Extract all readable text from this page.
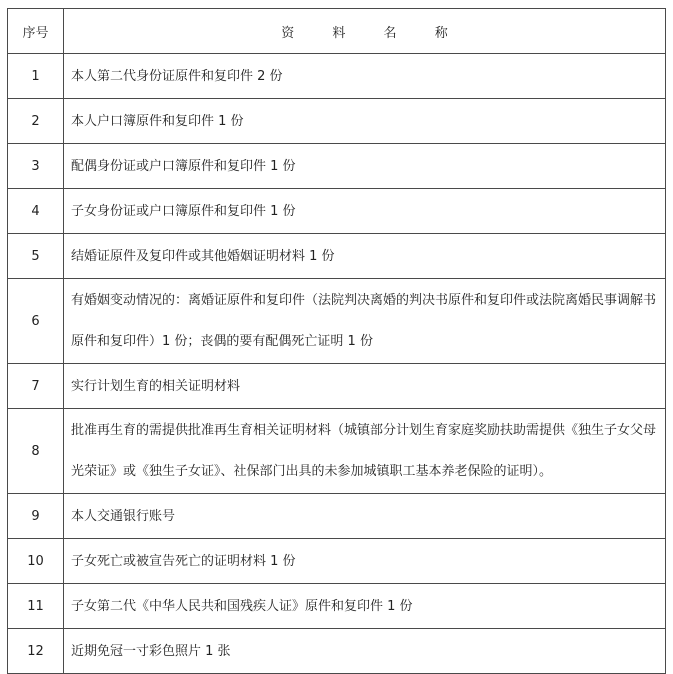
序号	资 料 名 称
1	本人第二代身份证原件和复印件 2 份
2	本人户口簿原件和复印件 1 份
3	配偶身份证或户口簿原件和复印件 1 份
4	子女身份证或户口簿原件和复印件 1 份
5	结婚证原件及复印件或其他婚姻证明材料 1 份
6	有婚姻变动情况的：离婚证原件和复印件（法院判决离婚的判决书原件和复印件或法院离婚民事调解书原件和复印件）1 份；丧偶的要有配偶死亡证明 1 份
7	实行计划生育的相关证明材料
8	批准再生育的需提供批准再生育相关证明材料（城镇部分计划生育家庭奖励扶助需提供《独生子女父母光荣证》或《独生子女证》、社保部门出具的未参加城镇职工基本养老保险的证明）。
9	本人交通银行账号
10	子女死亡或被宣告死亡的证明材料 1 份
11	子女第二代《中华人民共和国残疾人证》原件和复印件 1 份
12	近期免冠一寸彩色照片 1 张
